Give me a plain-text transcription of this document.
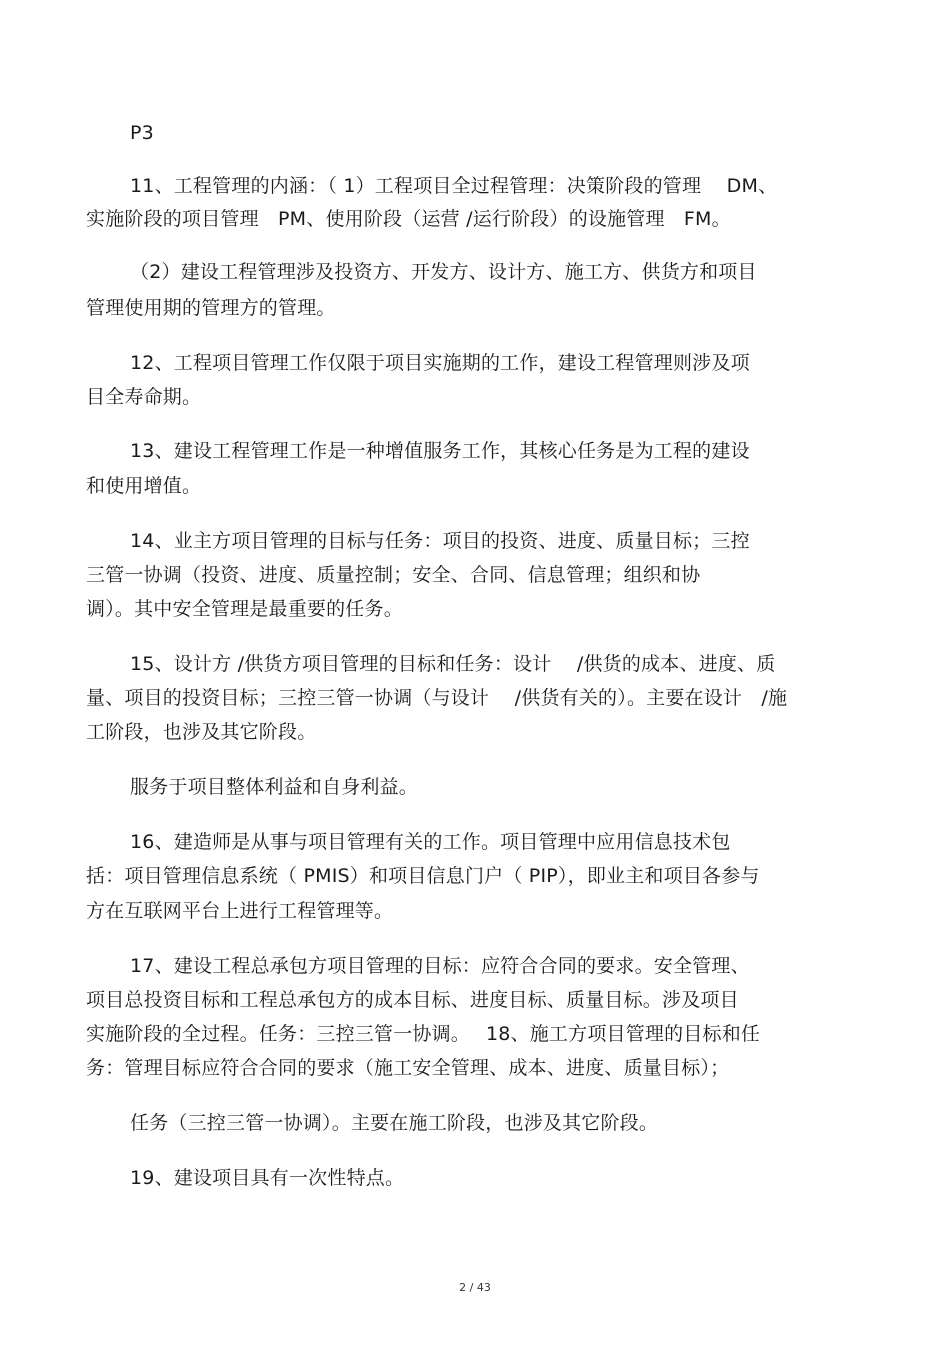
P3
11、工程管理的内涵：（ 1）工程项目全过程管理：决策阶段的管理　 DM、
实施阶段的项目管理　PM、使用阶段（运营 /运行阶段）的设施管理　FM。
（2）建设工程管理涉及投资方、开发方、设计方、施工方、供货方和项目
管理使用期的管理方的管理。
12、工程项目管理工作仅限于项目实施期的工作，建设工程管理则涉及项
目全寿命期。
13、建设工程管理工作是一种增值服务工作，其核心任务是为工程的建设
和使用增值。
14、业主方项目管理的目标与任务：项目的投资、进度、质量目标；三控
三管一协调（投资、进度、质量控制；安全、合同、信息管理；组织和协
调）。其中安全管理是最重要的任务。
15、设计方 /供货方项目管理的目标和任务：设计　 /供货的成本、进度、质
量、项目的投资目标；三控三管一协调（与设计　 /供货有关的）。主要在设计　/施
工阶段，也涉及其它阶段。
服务于项目整体利益和自身利益。
16、建造师是从事与项目管理有关的工作。项目管理中应用信息技术包
括：项目管理信息系统（ PMIS）和项目信息门户（ PIP），即业主和项目各参与
方在互联网平台上进行工程管理等。
17、建设工程总承包方项目管理的目标：应符合合同的要求。安全管理、
项目总投资目标和工程总承包方的成本目标、进度目标、质量目标。涉及项目
实施阶段的全过程。任务：三控三管一协调。　 18、施工方项目管理的目标和任
务：管理目标应符合合同的要求（施工安全管理、成本、进度、质量目标）；
任务（三控三管一协调）。主要在施工阶段，也涉及其它阶段。
19、建设项目具有一次性特点。
2 / 43
